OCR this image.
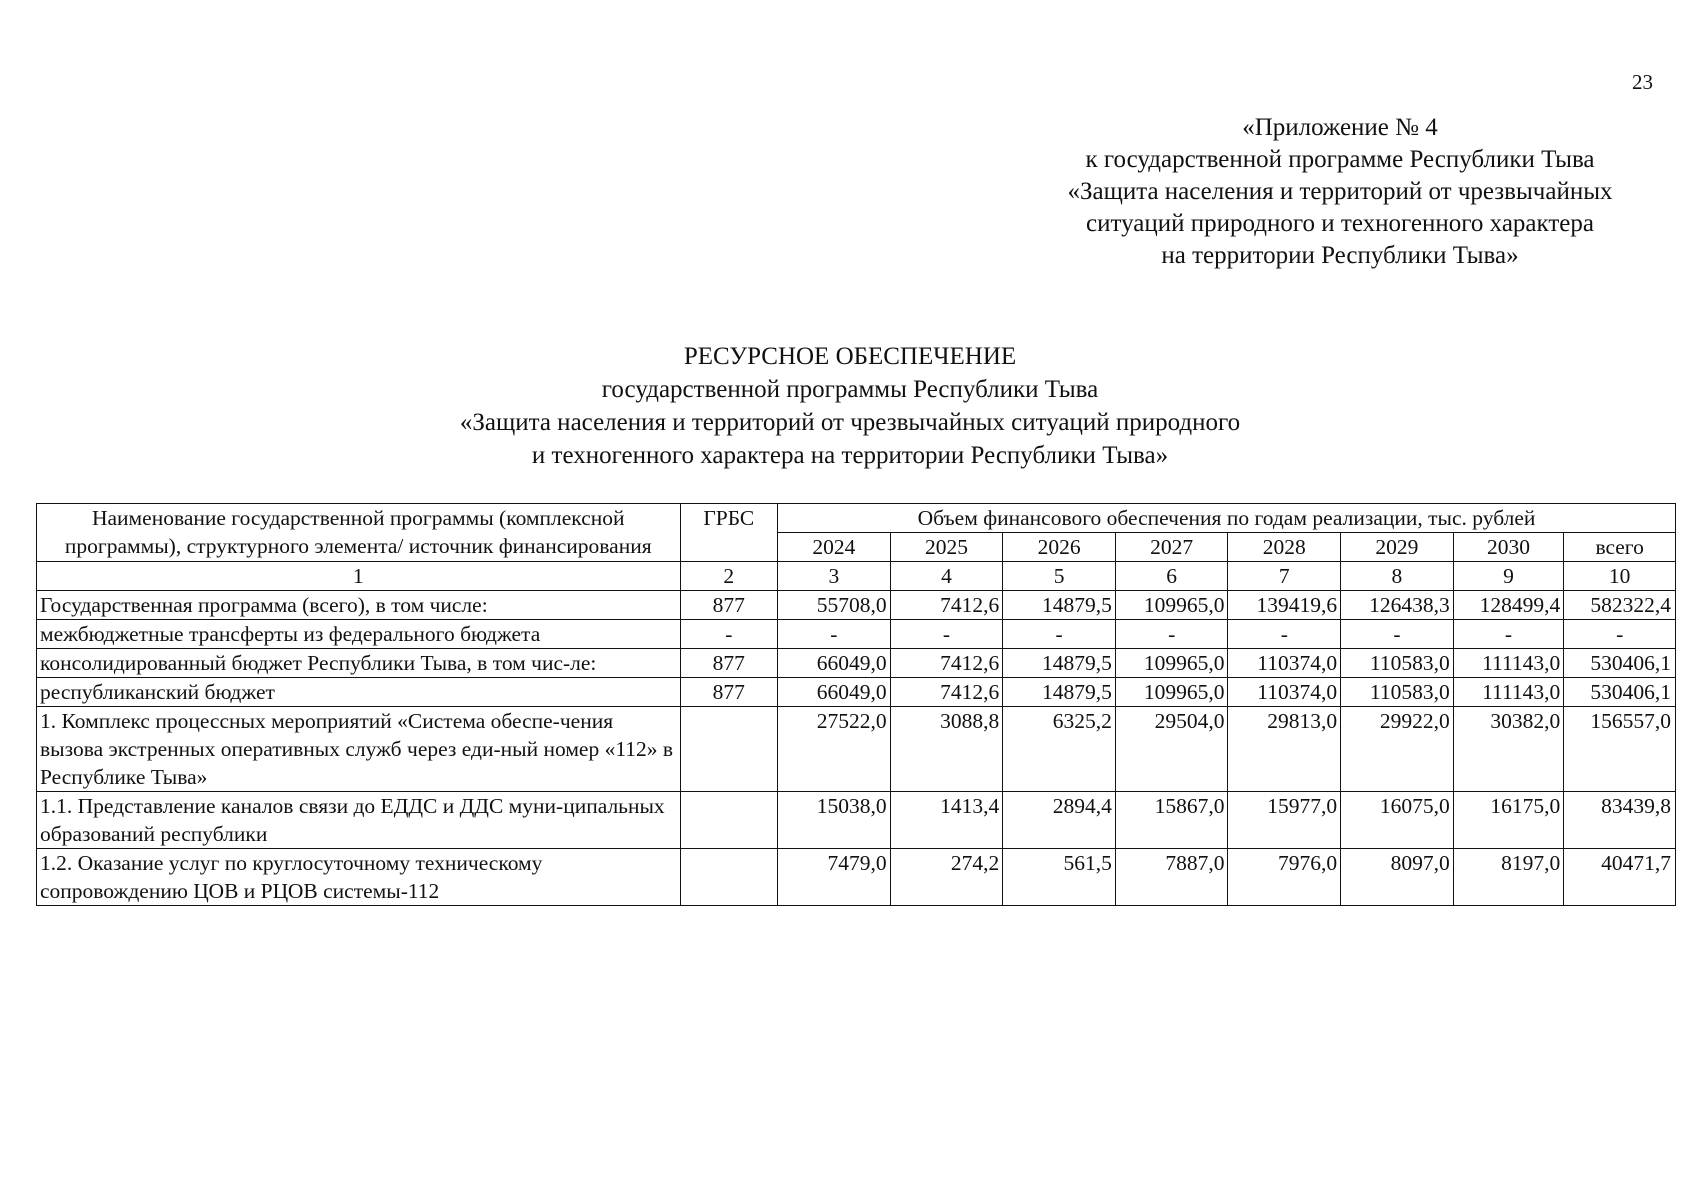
23
«Приложение № 4
к государственной программе Республики Тыва
«Защита населения и территорий от чрезвычайных
ситуаций природного и техногенного характера
на территории Республики Тыва»
РЕСУРСНОЕ ОБЕСПЕЧЕНИЕ
государственной программы Республики Тыва
«Защита населения и территорий от чрезвычайных ситуаций природного
и техногенного характера на территории Республики Тыва»
Наименование государственной программы (комплексной программы), структурного элемента/ источник финансирования	ГРБС	Объем финансового обеспечения по годам реализации, тыс. рублей							
		2024	2025	2026	2027	2028	2029	2030	всего
1	2	3	4	5	6	7	8	9	10
Государственная программа (всего), в том числе:	877	55708,0	7412,6	14879,5	109965,0	139419,6	126438,3	128499,4	582322,4
межбюджетные трансферты из федерального бюджета	-	-	-	-	-	-	-	-	-
консолидированный бюджет Республики Тыва, в том чис-ле:	877	66049,0	7412,6	14879,5	109965,0	110374,0	110583,0	111143,0	530406,1
республиканский бюджет	877	66049,0	7412,6	14879,5	109965,0	110374,0	110583,0	111143,0	530406,1
1. Комплекс процессных мероприятий «Система обеспе-чения вызова экстренных оперативных служб через еди-ный номер «112» в Республике Тыва»		27522,0	3088,8	6325,2	29504,0	29813,0	29922,0	30382,0	156557,0
1.1. Представление каналов связи до ЕДДС и ДДС муни-ципальных образований республики		15038,0	1413,4	2894,4	15867,0	15977,0	16075,0	16175,0	83439,8
1.2. Оказание услуг по круглосуточному техническому сопровождению ЦОВ и РЦОВ системы-112		7479,0	274,2	561,5	7887,0	7976,0	8097,0	8197,0	40471,7
